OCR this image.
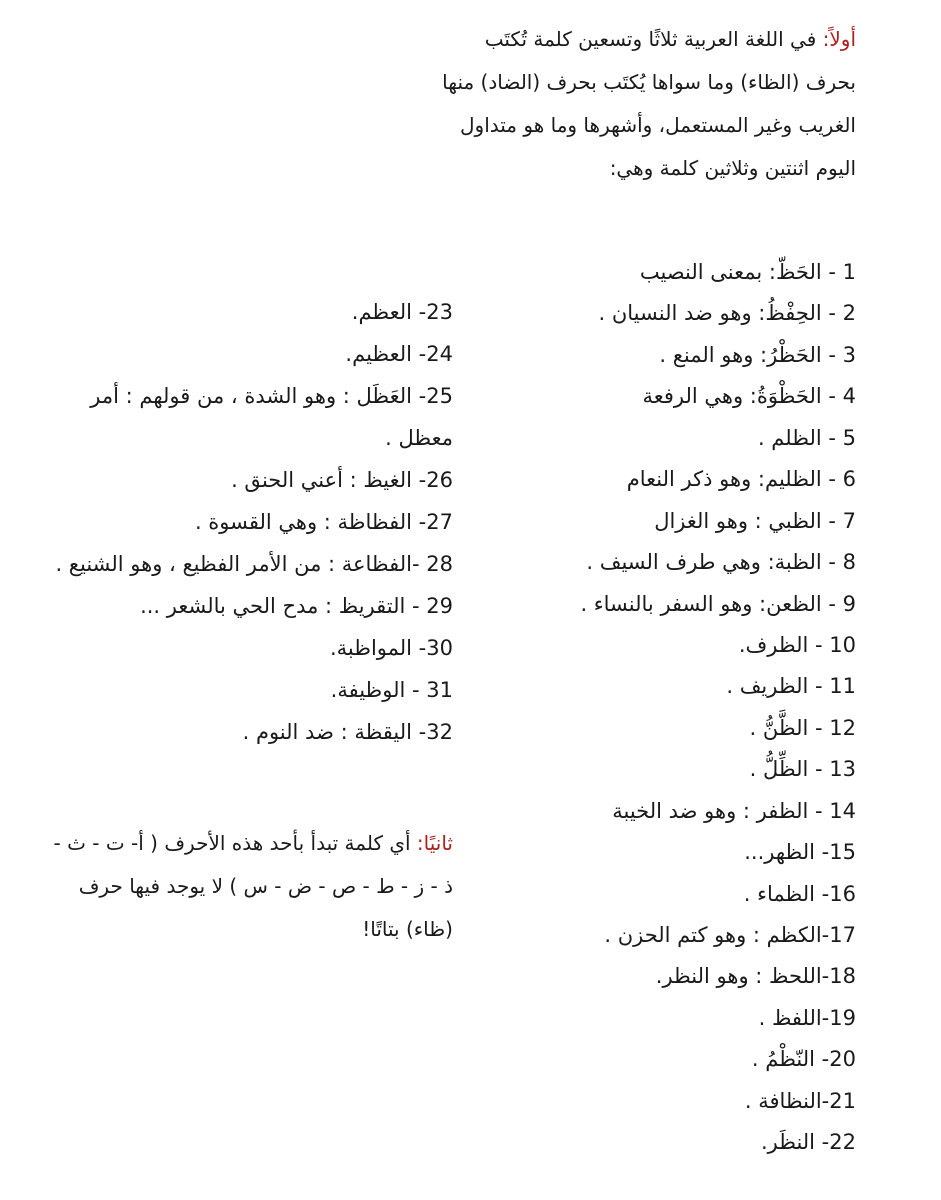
أولاً: في اللغة العربية ثلاثًا وتسعين كلمة تُكتَب بحرف (الظاء) وما سواها يُكتَب بحرف (الضاد) منها الغريب وغير المستعمل، وأشهرها وما هو متداول اليوم اثنتين وثلاثين كلمة وهي:

1 - الحَظّ: بمعنى النصيب
2 - الحِفْظُ: وهو ضد النسيان .
3 - الحَظْرُ: وهو المنع .
4 - الحَظْوَةُ: وهي الرفعة
5 - الظلم .
6 - الظليم: وهو ذكر النعام
7 - الظبي : وهو الغزال
8 - الظبة: وهي طرف السيف .
9 - الظعن: وهو السفر بالنساء .
10 - الظرف.
11 - الظريف .
12 - الظَّنُّ .
13 - الظِّلُّ .
14 - الظفر : وهو ضد الخيبة
15- الظهر...
16- الظماء .
17-الكظم : وهو كتم الحزن .
18-اللحظ : وهو النظر.
19-اللفظ .
20- النّظْمُ .
21-النظافة .
22- النظَر.
23- العظم.
24- العظيم.
25- العَظَل : وهو الشدة ، من قولهم : أمر معظل .
26- الغيظ : أعني الحنق .
27- الفظاظة : وهي القسوة .
28 -الفظاعة : من الأمر الفظيع ، وهو الشنيع .
29 - التقريظ : مدح الحي بالشعر ...
30- المواظبة.
31 - الوظيفة.
32- اليقظة : ضد النوم .

ثانيًا: أي كلمة تبدأ بأحد هذه الأحرف ( أ- ت - ث - ذ - ز - ط - ص - ض - س ) لا يوجد فيها حرف (ظاء) بتاتًا!
